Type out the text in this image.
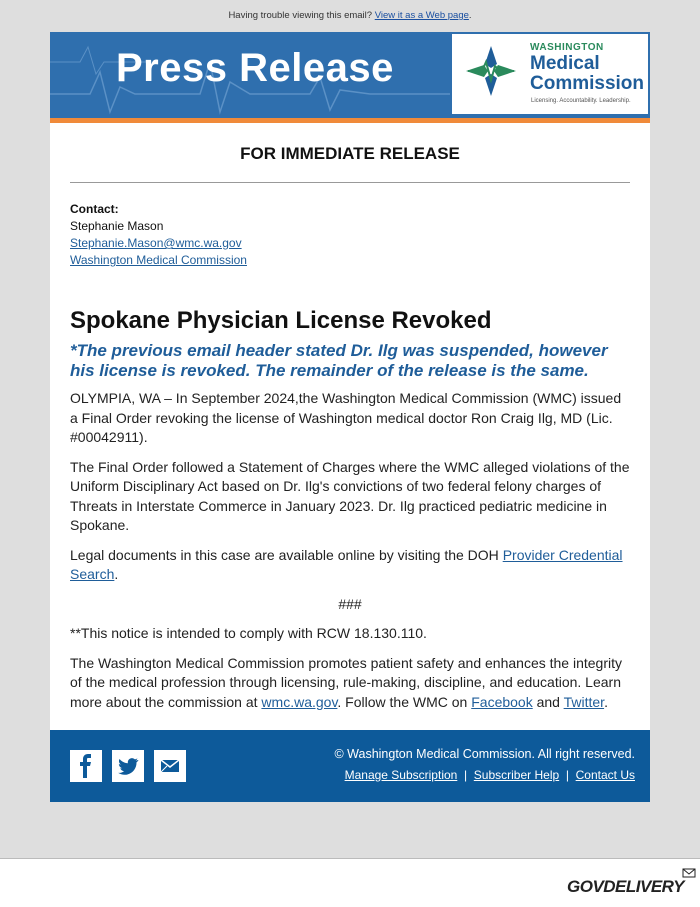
Having trouble viewing this email? View it as a Web page.
Press Release	WASHINGTON
Medical
Commission
Licensing. Accountability. Leadership.
FOR IMMEDIATE RELEASE
Contact:
Stephanie Mason
Stephanie.Mason@wmc.wa.gov
Washington Medical Commission
Spokane Physician License Revoked
*The previous email header stated Dr. Ilg was suspended, however his license is revoked. The remainder of the release is the same.

OLYMPIA, WA – In September 2024,the Washington Medical Commission (WMC) issued a Final Order revoking the license of Washington medical doctor Ron Craig Ilg, MD (Lic. #00042911).

The Final Order followed a Statement of Charges where the WMC alleged violations of the Uniform Disciplinary Act based on Dr. Ilg's convictions of two federal felony charges of Threats in Interstate Commerce in January 2023. Dr. Ilg practiced pediatric medicine in Spokane.

Legal documents in this case are available online by visiting the DOH Provider Credential Search.

###

**This notice is intended to comply with RCW 18.130.110.

The Washington Medical Commission promotes patient safety and enhances the integrity of the medical profession through licensing, rule-making, discipline, and education. Learn more about the commission at wmc.wa.gov. Follow the WMC on Facebook and Twitter.

© Washington Medical Commission. All right reserved.
Manage Subscription | Subscriber Help | Contact Us
GOVDELIVERY
